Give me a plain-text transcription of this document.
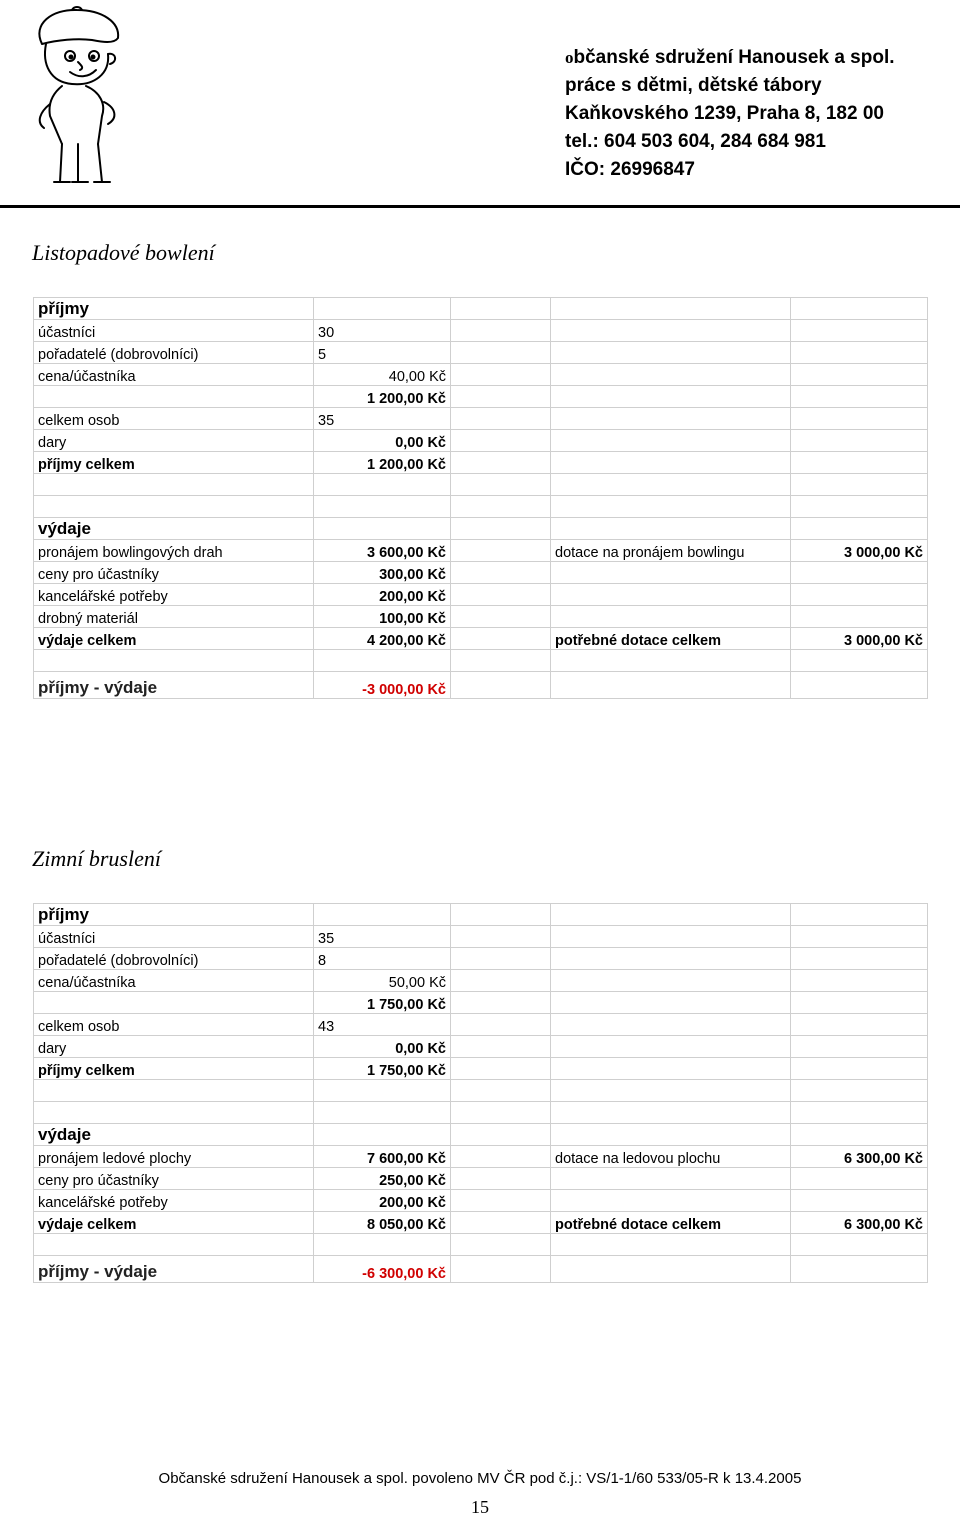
občanské sdružení Hanousek a spol.
práce s dětmi, dětské tábory
Kaňkovského 1239, Praha 8, 182 00
tel.: 604 503 604, 284 684 981
IČO: 26996847
Listopadové bowlení
příjmy				
účastníci	30			
pořadatelé (dobrovolníci)	5			
cena/účastníka	40,00 Kč			
	1 200,00 Kč			
celkem osob	35			
dary	0,00 Kč			
příjmy celkem	1 200,00 Kč			

výdaje				
pronájem bowlingových drah	3 600,00 Kč		dotace na pronájem bowlingu	3 000,00 Kč
ceny pro účastníky	300,00 Kč			
kancelářské potřeby	200,00 Kč			
drobný materiál	100,00 Kč			
výdaje celkem	4 200,00 Kč		potřebné dotace celkem	3 000,00 Kč

příjmy - výdaje	-3 000,00 Kč			
Zimní bruslení
příjmy				
účastníci	35			
pořadatelé (dobrovolníci)	8			
cena/účastníka	50,00 Kč			
	1 750,00 Kč			
celkem osob	43			
dary	0,00 Kč			
příjmy celkem	1 750,00 Kč			

výdaje				
pronájem ledové plochy	7 600,00 Kč		dotace na ledovou plochu	6 300,00 Kč
ceny pro účastníky	250,00 Kč			
kancelářské potřeby	200,00 Kč			
výdaje celkem	8 050,00 Kč		potřebné dotace celkem	6 300,00 Kč

příjmy - výdaje	-6 300,00 Kč			
Občanské sdružení Hanousek a spol. povoleno MV ČR pod č.j.: VS/1-1/60 533/05-R k 13.4.2005
15
